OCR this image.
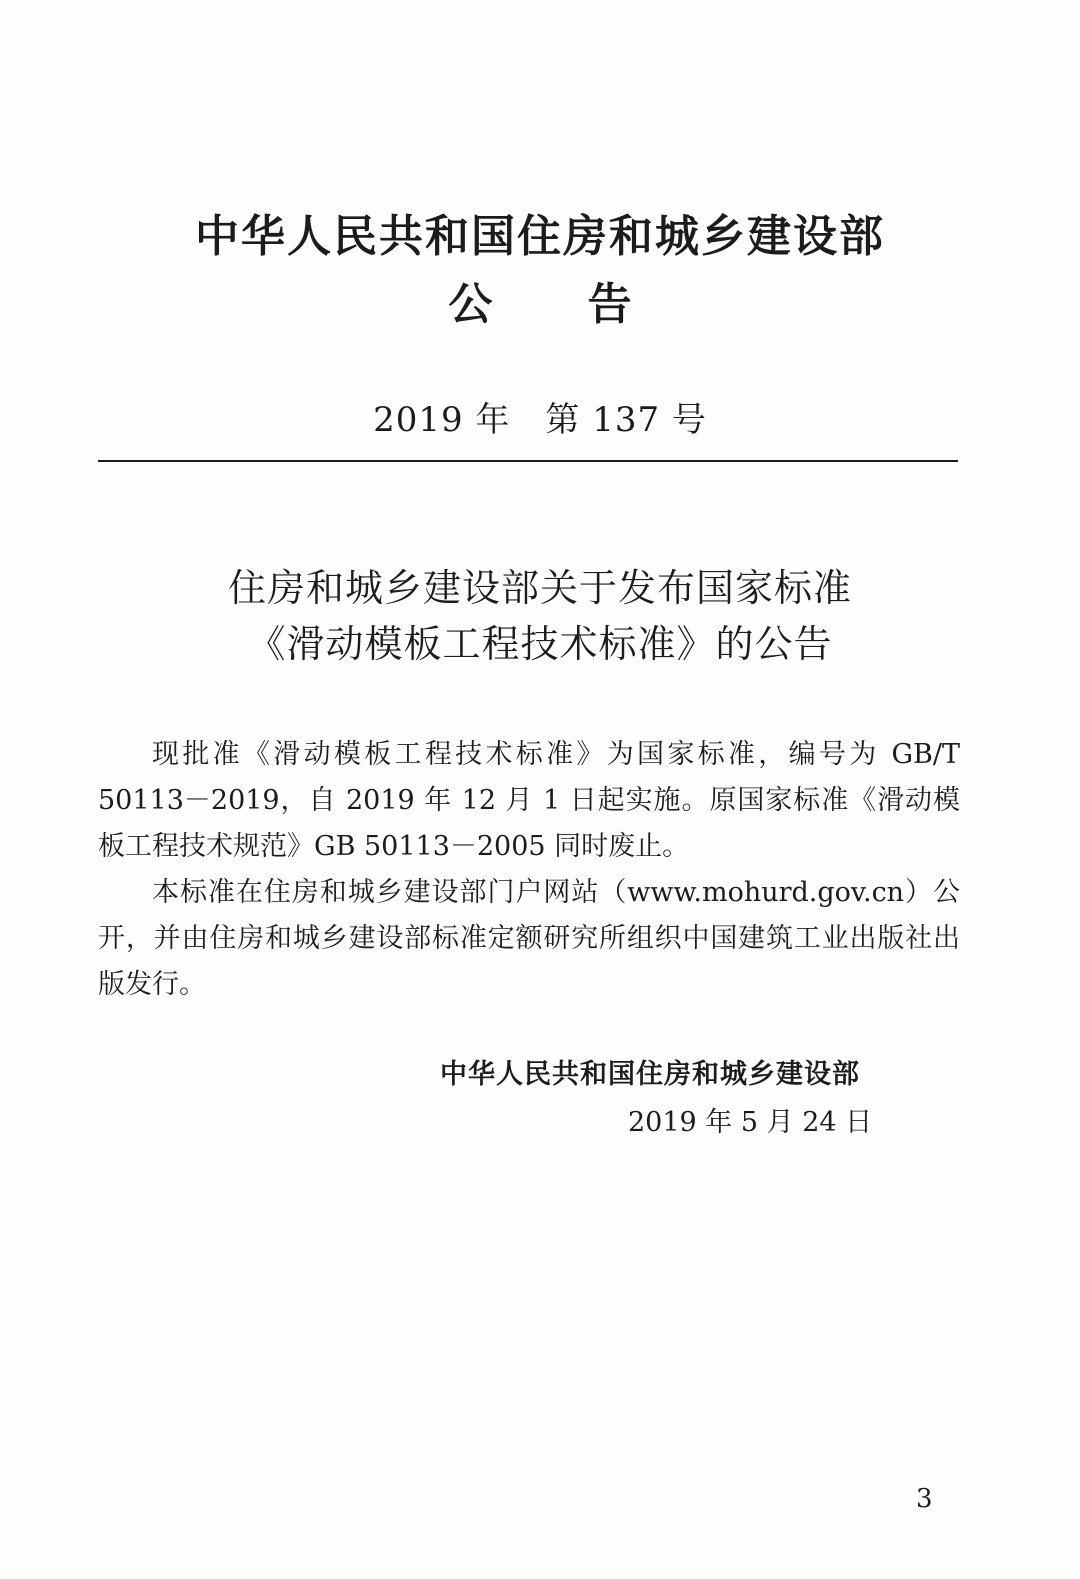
中华人民共和国住房和城乡建设部
公 告

2019 年　第 137 号

住房和城乡建设部关于发布国家标准
《滑动模板工程技术标准》的公告

现批准《滑动模板工程技术标准》为国家标准，编号为 GB/T 50113－2019，自 2019 年 12 月 1 日起实施。原国家标准《滑动模板工程技术规范》GB 50113－2005 同时废止。

本标准在住房和城乡建设部门户网站（www.mohurd.gov.cn）公开，并由住房和城乡建设部标准定额研究所组织中国建筑工业出版社出版发行。

中华人民共和国住房和城乡建设部

2019 年 5 月 24 日

3
